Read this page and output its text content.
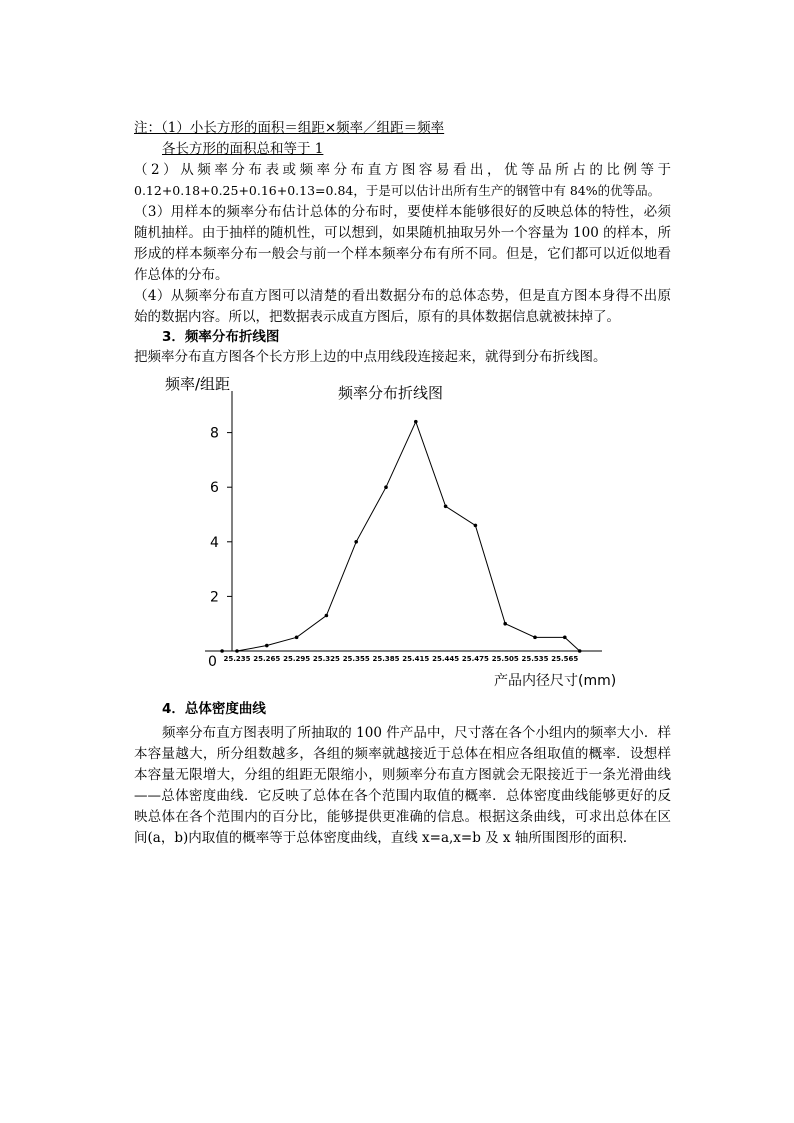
注：（1）小长方形的面积＝组距×频率／组距＝频率
各长方形的面积总和等于 1
（2）从频率分布表或频率分布直方图容易看出，优等品所占的比例等于
0.12+0.18+0.25+0.16+0.13=0.84，于是可以估计出所有生产的钢管中有 84%的优等品。
（3）用样本的频率分布估计总体的分布时，要使样本能够很好的反映总体的特性，必须
随机抽样。由于抽样的随机性，可以想到，如果随机抽取另外一个容量为 100 的样本，所
形成的样本频率分布一般会与前一个样本频率分布有所不同。但是，它们都可以近似地看
作总体的分布。
（4）从频率分布直方图可以清楚的看出数据分布的总体态势，但是直方图本身得不出原
始的数据内容。所以，把数据表示成直方图后，原有的具体数据信息就被抹掉了。
3．频率分布折线图
把频率分布直方图各个长方形上边的中点用线段连接起来，就得到分布折线图。
频率/组距	频率分布折线图
产品内径尺寸(mm)
0
2
4
6
8
25.235 25.265 25.295 25.325 25.355 25.385 25.415 25.445 25.475 25.505 25.535 25.565
4．总体密度曲线
频率分布直方图表明了所抽取的 100 件产品中，尺寸落在各个小组内的频率大小．样
本容量越大，所分组数越多，各组的频率就越接近于总体在相应各组取值的概率．设想样
本容量无限增大，分组的组距无限缩小，则频率分布直方图就会无限接近于一条光滑曲线
——总体密度曲线．它反映了总体在各个范围内取值的概率．总体密度曲线能够更好的反
映总体在各个范围内的百分比，能够提供更准确的信息。根据这条曲线，可求出总体在区
间(a，b)内取值的概率等于总体密度曲线，直线 x=a,x=b 及 x 轴所围图形的面积．
